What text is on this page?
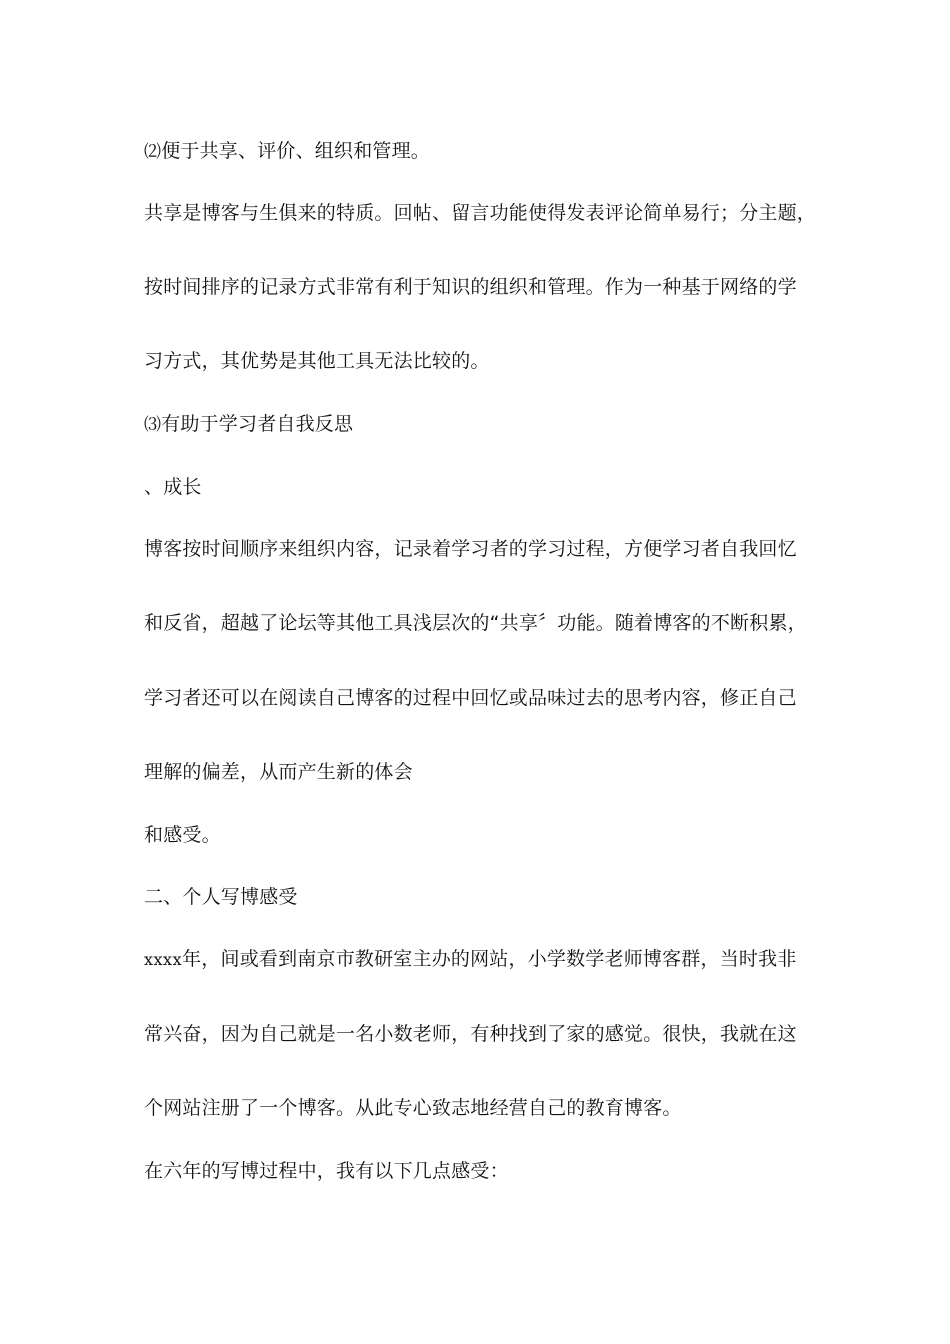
⑵便于共享、评价、组织和管理。

共享是博客与生俱来的特质。回帖、留言功能使得发表评论简单易行；分主题，

按时间排序的记录方式非常有利于知识的组织和管理。作为一种基于网络的学

习方式，其优势是其他工具无法比较的。

⑶有助于学习者自我反思

、成长

博客按时间顺序来组织内容，记录着学习者的学习过程，方便学习者自我回忆

和反省，超越了论坛等其他工具浅层次的“共享〞功能。随着博客的不断积累，

学习者还可以在阅读自己博客的过程中回忆或品味过去的思考内容，修正自己

理解的偏差，从而产生新的体会

和感受。

二、个人写博感受

xxxx年，间或看到南京市教研室主办的网站，小学数学老师博客群，当时我非

常兴奋，因为自己就是一名小数老师，有种找到了家的感觉。很快，我就在这

个网站注册了一个博客。从此专心致志地经营自己的教育博客。

在六年的写博过程中，我有以下几点感受：
